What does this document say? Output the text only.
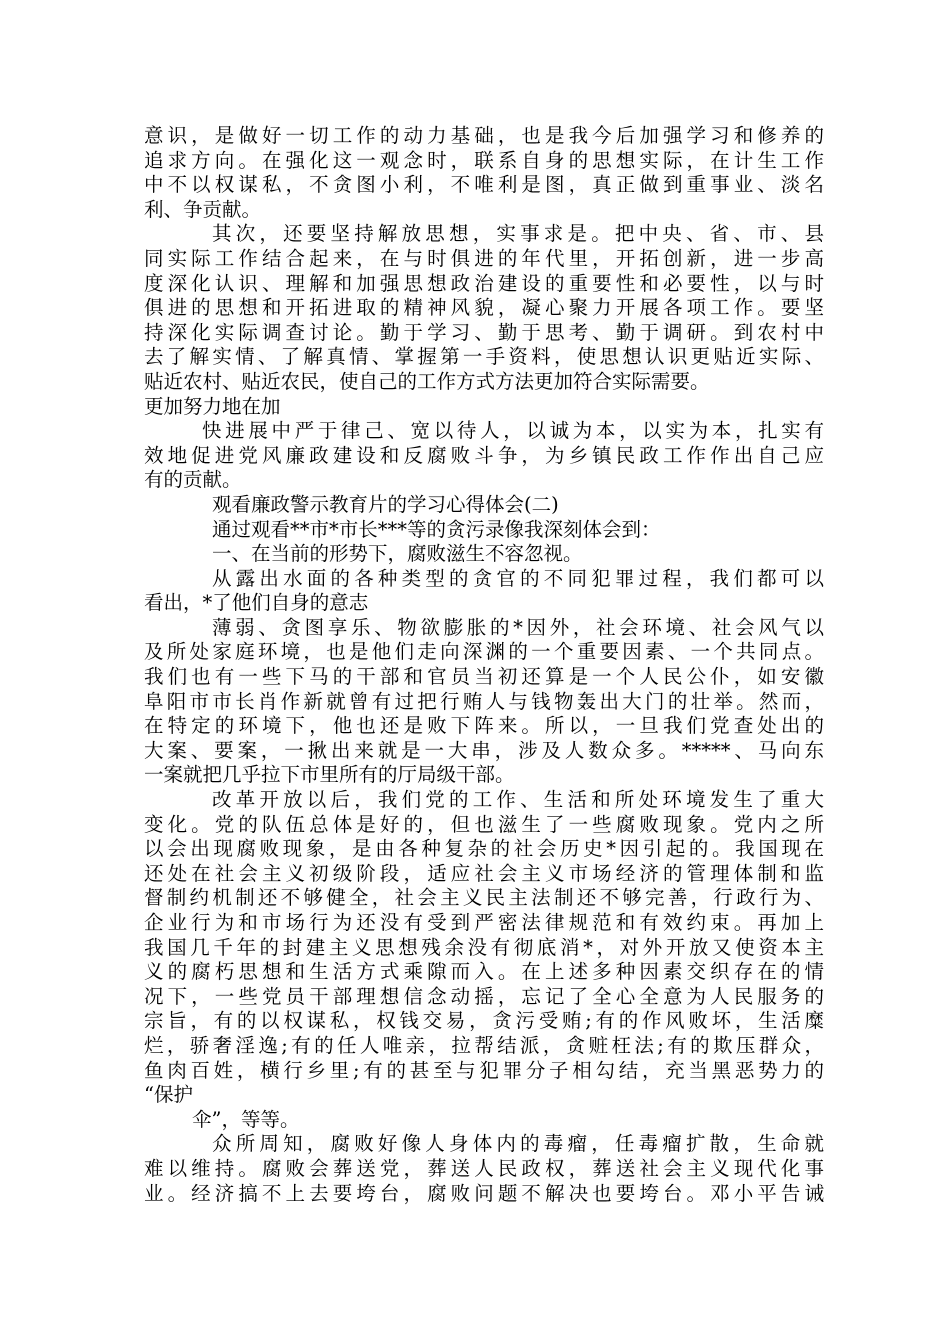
意识，是做好一切工作的动力基础，也是我今后加强学习和修养的
追求方向。在强化这一观念时，联系自身的思想实际，在计生工作
中不以权谋私，不贪图小利，不唯利是图，真正做到重事业、淡名
利、争贡献。
其次，还要坚持解放思想，实事求是。把中央、省、市、县
同实际工作结合起来，在与时俱进的年代里，开拓创新，进一步高
度深化认识、理解和加强思想政治建设的重要性和必要性，以与时
俱进的思想和开拓进取的精神风貌，凝心聚力开展各项工作。要坚
持深化实际调查讨论。勤于学习、勤于思考、勤于调研。到农村中
去了解实情、了解真情、掌握第一手资料，使思想认识更贴近实际、
贴近农村、贴近农民，使自己的工作方式方法更加符合实际需要。
更加努力地在加
快进展中严于律己、宽以待人，以诚为本，以实为本，扎实有
效地促进党风廉政建设和反腐败斗争，为乡镇民政工作作出自己应
有的贡献。
观看廉政警示教育片的学习心得体会(二)
通过观看**市*市长***等的贪污录像我深刻体会到：
一、在当前的形势下，腐败滋生不容忽视。
从露出水面的各种类型的贪官的不同犯罪过程，我们都可以
看出，*了他们自身的意志
薄弱、贪图享乐、物欲膨胀的*因外，社会环境、社会风气以
及所处家庭环境，也是他们走向深渊的一个重要因素、一个共同点。
我们也有一些下马的干部和官员当初还算是一个人民公仆，如安徽
阜阳市市长肖作新就曾有过把行贿人与钱物轰出大门的壮举。然而，
在特定的环境下，他也还是败下阵来。所以，一旦我们党查处出的
大案、要案，一揪出来就是一大串，涉及人数众多。*****、马向东
一案就把几乎拉下市里所有的厅局级干部。
改革开放以后，我们党的工作、生活和所处环境发生了重大
变化。党的队伍总体是好的，但也滋生了一些腐败现象。党内之所
以会出现腐败现象，是由各种复杂的社会历史*因引起的。我国现在
还处在社会主义初级阶段，适应社会主义市场经济的管理体制和监
督制约机制还不够健全，社会主义民主法制还不够完善，行政行为、
企业行为和市场行为还没有受到严密法律规范和有效约束。再加上
我国几千年的封建主义思想残余没有彻底消*，对外开放又使资本主
义的腐朽思想和生活方式乘隙而入。在上述多种因素交织存在的情
况下，一些党员干部理想信念动摇，忘记了全心全意为人民服务的
宗旨，有的以权谋私，权钱交易，贪污受贿;有的作风败坏，生活糜
烂，骄奢淫逸;有的任人唯亲，拉帮结派，贪赃枉法;有的欺压群众，
鱼肉百姓，横行乡里;有的甚至与犯罪分子相勾结，充当黑恶势力的
“保护
伞”，等等。
众所周知，腐败好像人身体内的毒瘤，任毒瘤扩散，生命就
难以维持。腐败会葬送党，葬送人民政权，葬送社会主义现代化事
业。经济搞不上去要垮台，腐败问题不解决也要垮台。邓小平告诫
